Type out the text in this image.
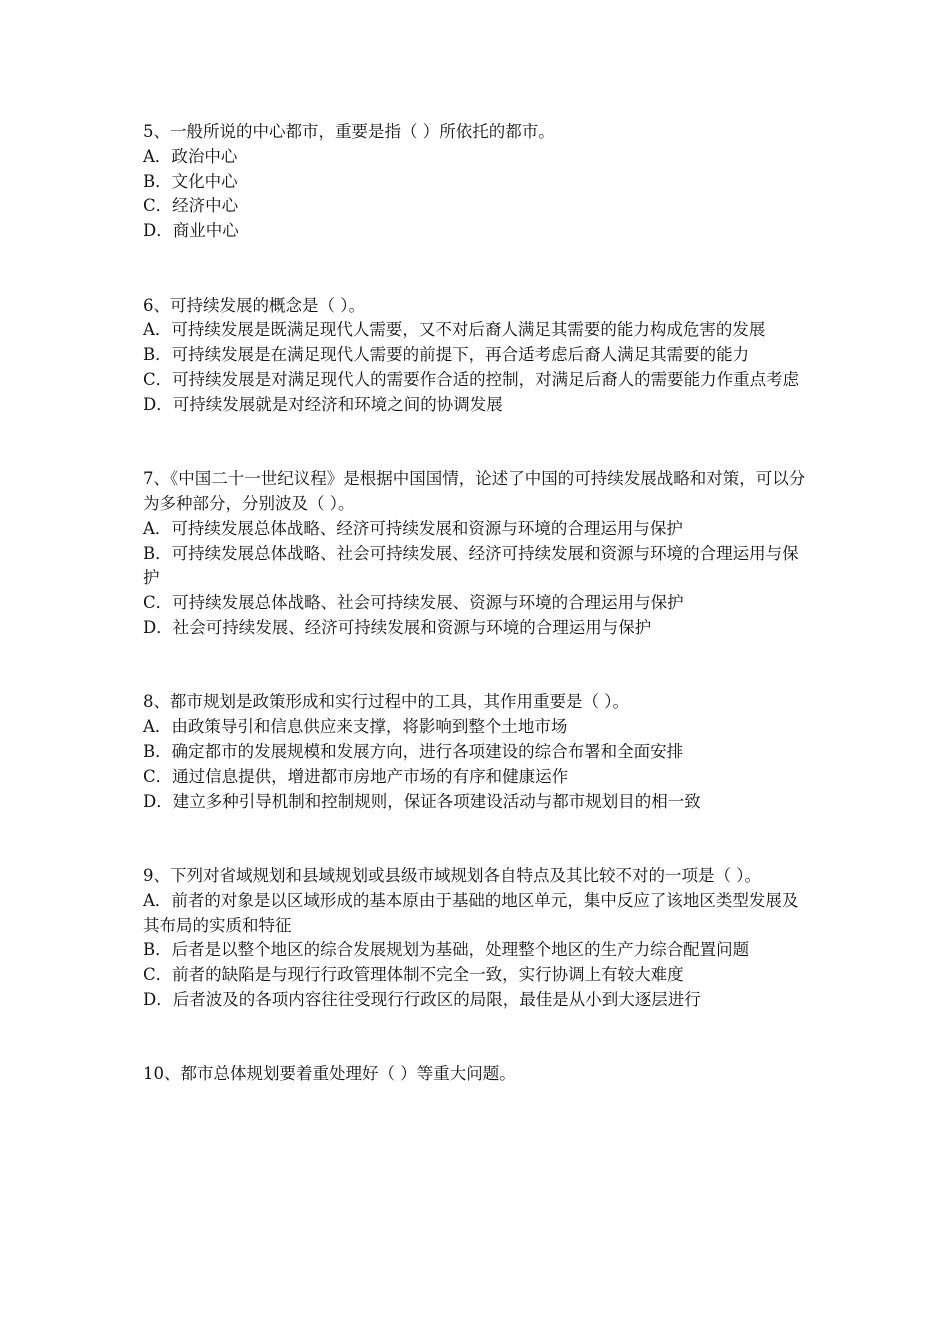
5、一般所说的中心都市，重要是指（ ）所依托的都市。

A．政治中心

B．文化中心

C．经济中心

D．商业中心

6、可持续发展的概念是（ ）。

A．可持续发展是既满足现代人需要，又不对后裔人满足其需要的能力构成危害的发展

B．可持续发展是在满足现代人需要的前提下，再合适考虑后裔人满足其需要的能力

C．可持续发展是对满足现代人的需要作合适的控制，对满足后裔人的需要能力作重点考虑

D．可持续发展就是对经济和环境之间的协调发展

7、《中国二十一世纪议程》是根据中国国情，论述了中国的可持续发展战略和对策，可以分为多种部分，分别波及（ ）。

A．可持续发展总体战略、经济可持续发展和资源与环境的合理运用与保护

B．可持续发展总体战略、社会可持续发展、经济可持续发展和资源与环境的合理运用与保护

C．可持续发展总体战略、社会可持续发展、资源与环境的合理运用与保护

D．社会可持续发展、经济可持续发展和资源与环境的合理运用与保护

8、都市规划是政策形成和实行过程中的工具，其作用重要是（ ）。

A．由政策导引和信息供应来支撑，将影响到整个土地市场

B．确定都市的发展规模和发展方向，进行各项建设的综合布署和全面安排

C．通过信息提供，增进都市房地产市场的有序和健康运作

D．建立多种引导机制和控制规则，保证各项建设活动与都市规划目的相一致

9、下列对省域规划和县域规划或县级市域规划各自特点及其比较不对的一项是（ ）。

A．前者的对象是以区域形成的基本原由于基础的地区单元，集中反应了该地区类型发展及其布局的实质和特征

B．后者是以整个地区的综合发展规划为基础，处理整个地区的生产力综合配置问题

C．前者的缺陷是与现行行政管理体制不完全一致，实行协调上有较大难度

D．后者波及的各项内容往往受现行行政区的局限，最佳是从小到大逐层进行

10、都市总体规划要着重处理好（ ）等重大问题。
